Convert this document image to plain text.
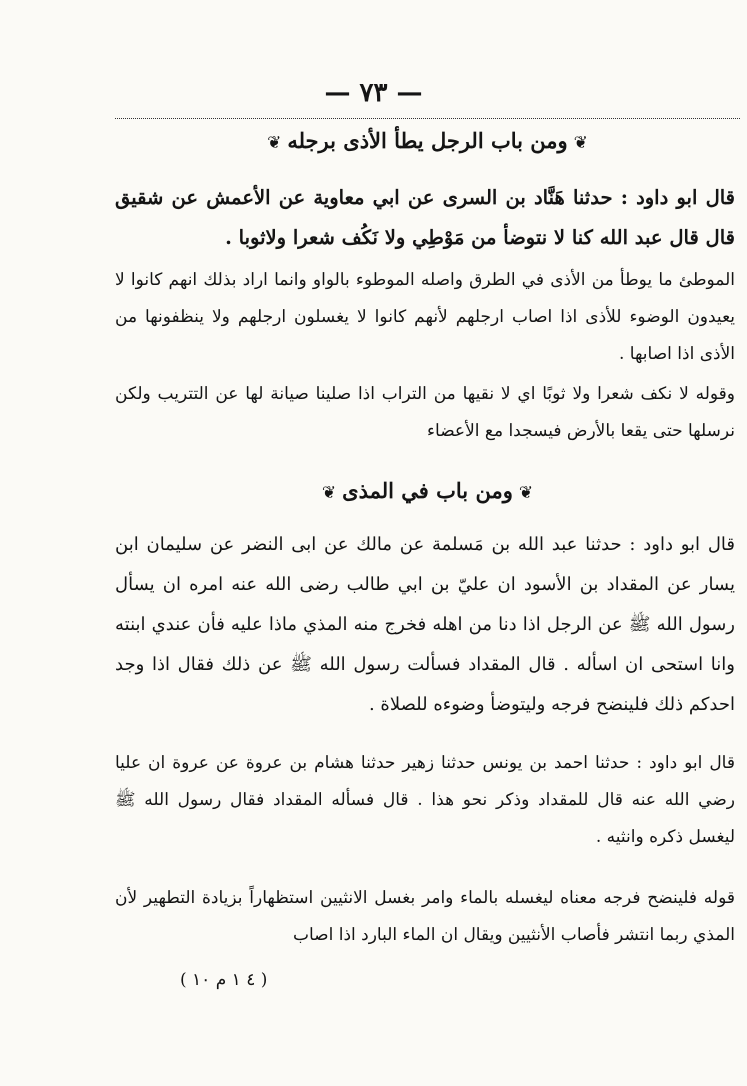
— ٧٣ —
❦ومن باب الرجل يطأ الأذى برجله❦

قال ابو داود : حدثنا هَنَّاد بن السرى عن ابي معاوية عن الأعمش عن شقيق قال قال عبد الله كنا لا نتوضأ من مَوْطِي ولا نَكُف شعرا ولاثوبا .

الموطئ ما يوطأ من الأذى في الطرق واصله الموطوء بالواو وانما اراد بذلك انهم كانوا لا يعيدون الوضوء للأذى اذا اصاب ارجلهم لأنهم كانوا لا يغسلون ارجلهم ولا ينظفونها من الأذى اذا اصابها .

وقوله لا نكف شعرا ولا ثوبًا اي لا نقيها من التراب اذا صلينا صيانة لها عن التتريب ولكن نرسلها حتى يقعا بالأرض فيسجدا مع الأعضاء

❦ومن باب في المذى❦

قال ابو داود : حدثنا عبد الله بن مَسلمة عن مالك عن ابى النضر عن سليمان ابن يسار عن المقداد بن الأسود ان عليّ بن ابي طالب رضى الله عنه امره ان يسأل رسول الله ﷺ عن الرجل اذا دنا من اهله فخرج منه المذي ماذا عليه فأن عندي ابنته وانا استحى ان اسأله . قال المقداد فسألت رسول الله ﷺ عن ذلك فقال اذا وجد احدكم ذلك فلينضح فرجه وليتوضأ وضوءه للصلاة .

قال ابو داود : حدثنا احمد بن يونس حدثنا زهير حدثنا هشام بن عروة عن عروة ان عليا رضي الله عنه قال للمقداد وذكر نحو هذا . قال فسأله المقداد فقال رسول الله ﷺ ليغسل ذكره وانثيه .

قوله فلينضح فرجه معناه ليغسله بالماء وامر بغسل الانثيين استظهاراً بزيادة التطهير لأن المذي ربما انتشر فأصاب الأنثيين ويقال ان الماء البارد اذا اصاب

( ٤ ١ م ١٠ )
